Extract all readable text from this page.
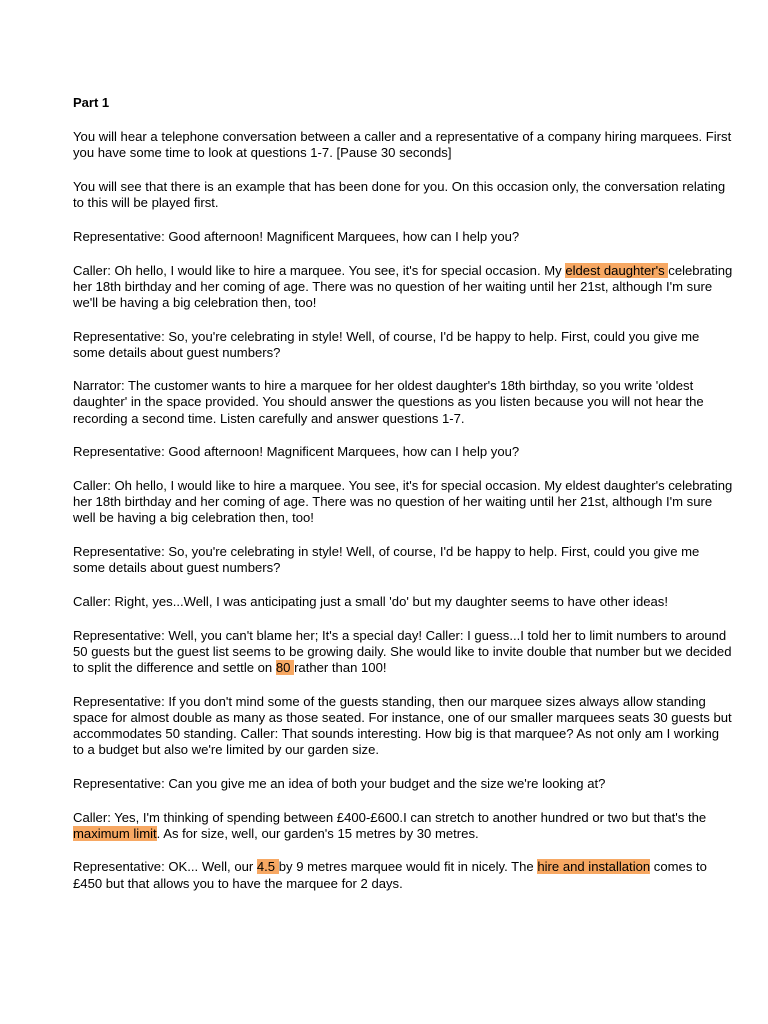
Part 1

You will hear a telephone conversation between a caller and a representative of a company hiring marquees. First you have some time to look at questions 1-7. [Pause 30 seconds]

You will see that there is an example that has been done for you. On this occasion only, the conversation relating to this will be played first.

Representative: Good afternoon! Magnificent Marquees, how can I help you?

Caller: Oh hello, I would like to hire a marquee. You see, it's for special occasion. My eldest daughter's celebrating her 18th birthday and her coming of age. There was no question of her waiting until her 21st, although I'm sure we'll be having a big celebration then, too!

Representative: So, you're celebrating in style! Well, of course, I'd be happy to help. First, could you give me some details about guest numbers?

Narrator: The customer wants to hire a marquee for her oldest daughter's 18th birthday, so you write 'oldest daughter' in the space provided. You should answer the questions as you listen because you will not hear the recording a second time. Listen carefully and answer questions 1-7.

Representative: Good afternoon! Magnificent Marquees, how can I help you?

Caller: Oh hello, I would like to hire a marquee. You see, it's for special occasion. My eldest daughter's celebrating her 18th birthday and her coming of age. There was no question of her waiting until her 21st, although I'm sure well be having a big celebration then, too!

Representative: So, you're celebrating in style! Well, of course, I'd be happy to help. First, could you give me some details about guest numbers?

Caller: Right, yes...Well, I was anticipating just a small 'do' but my daughter seems to have other ideas!

Representative: Well, you can't blame her; It's a special day! Caller: I guess...I told her to limit numbers to around 50 guests but the guest list seems to be growing daily. She would like to invite double that number but we decided to split the difference and settle on 80 rather than 100!

Representative: If you don't mind some of the guests standing, then our marquee sizes always allow standing space for almost double as many as those seated. For instance, one of our smaller marquees seats 30 guests but accommodates 50 standing. Caller: That sounds interesting. How big is that marquee? As not only am I working to a budget but also we're limited by our garden size.

Representative: Can you give me an idea of both your budget and the size we're looking at?

Caller: Yes, I'm thinking of spending between £400-£600.I can stretch to another hundred or two but that's the maximum limit. As for size, well, our garden's 15 metres by 30 metres.

Representative: OK... Well, our 4.5 by 9 metres marquee would fit in nicely. The hire and installation comes to £450 but that allows you to have the marquee for 2 days.
